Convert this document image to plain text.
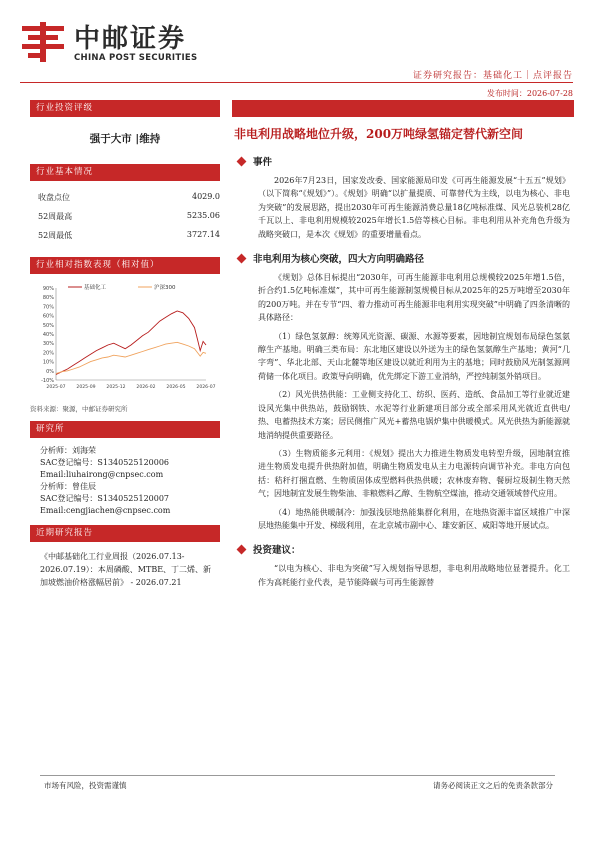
中邮证券
CHINA POST SECURITIES
证券研究报告：基础化工｜点评报告
发布时间：2026-07-28
行业投资评级
强于大市 |维持
行业基本情况
收盘点位	4029.0
52周最高	5235.06
52周最低	3727.14
行业相对指数表现（相对值）
90%
80%
70%
60%
50%
40%
30%
20%
10%
0%
-10%
2025-07 2025-09 2025-12 2026-02 2026-05 2026-07
基础化工	沪深300
资料来源：聚源，中邮证券研究所
研究所
分析师：刘海荣
SAC登记编号：S1340525120006
Email:liuhairong@cnpsec.com
分析师：曾佳辰
SAC登记编号：S1340525120007
Email:cengjiachen@cnpsec.com
近期研究报告
《中邮基础化工行业周报（2026.07.13-2026.07.19）：本周磷酸、MTBE、丁二烯、新加坡燃油价格涨幅居前》 - 2026.07.21
非电利用战略地位升级，200万吨绿氢锚定替代新空间
事件

2026年7月23日，国家发改委、国家能源局印发《可再生能源发展“十五五”规划》（以下简称“《规划》”）。《规划》明确“以扩量提质、可靠替代为主线，以电为核心、非电为突破”的发展思路，提出2030年可再生能源消费总量18亿吨标准煤、风光总装机28亿千瓦以上、非电利用规模较2025年增长1.5倍等核心目标。非电利用从补充角色升级为战略突破口，是本次《规划》的重要增量看点。

非电利用为核心突破，四大方向明确路径

《规划》总体目标提出“2030年，可再生能源非电利用总规模较2025年增1.5倍，折合约1.5亿吨标准煤”，其中可再生能源制氢规模目标从2025年的25万吨增至2030年的200万吨。并在专节“四、着力推动可再生能源非电利用实现突破”中明确了四条清晰的具体路径：

（1）绿色氢氨醇：统筹风光资源、碳源、水源等要素，因地制宜规划布局绿色氢氨醇生产基地。明确三类布局：东北地区建设以外送为主的绿色氢氨醇生产基地；黄河“几字弯”、华北北部、天山北麓等地区建设以就近利用为主的基地；同时鼓励风光制氢源网荷储一体化项目。政策导向明确，优先绑定下游工业消纳，严控纯制氢外销项目。

（2）风光供热供能：工业侧支持化工、纺织、医药、造纸、食品加工等行业就近建设风光集中供热站，鼓励钢铁、水泥等行业新建项目部分或全部采用风光就近直供电/热、电蓄热技术方案；居民侧推广风光+蓄热电锅炉集中供暖模式。风光供热为新能源就地消纳提供重要路径。

（3）生物质能多元利用：《规划》提出大力推进生物质发电转型升级，因地制宜推进生物质发电提升供热附加值，明确生物质发电从主力电源转向调节补充。非电方向包括：秸秆打捆直燃、生物质固体成型燃料供热供暖；农林废弃物、餐厨垃圾制生物天然气；因地制宜发展生物柴油、非粮燃料乙醇、生物航空煤油，推动交通领域替代应用。

（4）地热能供暖制冷：加强浅层地热能集群化利用，在地热资源丰富区域推广中深层地热能集中开发、梯级利用，在北京城市副中心、雄安新区、咸阳等地开展试点。

投资建议：

“以电为核心、非电为突破”写入规划指导思想，非电利用战略地位显著提升。化工作为高耗能行业代表，是节能降碳与可再生能源替

市场有风险，投资需谨慎	请务必阅读正文之后的免责条款部分
